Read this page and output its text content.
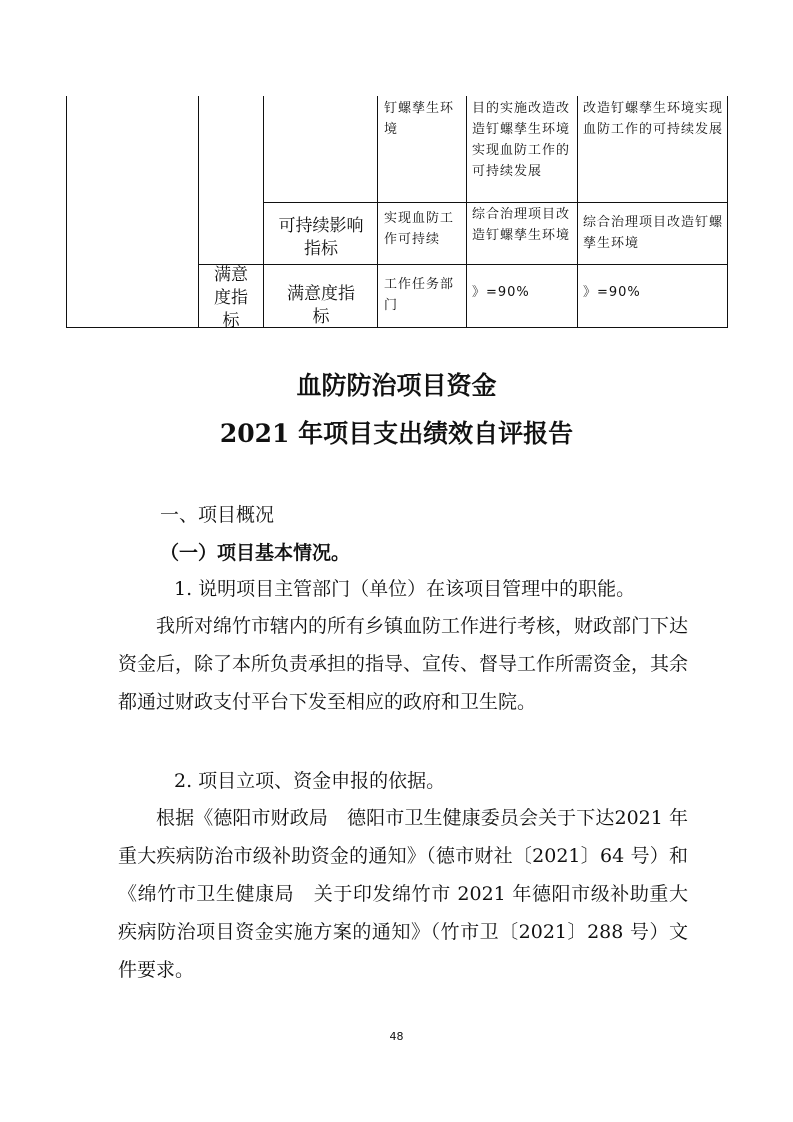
钉螺孳生环境
目的实施改造改造钉螺孳生环境实现血防工作的可持续发展
改造钉螺孳生环境实现血防工作的可持续发展
可持续影响指标
实现血防工作可持续
综合治理项目改造钉螺孳生环境
综合治理项目改造钉螺孳生环境
满意度指标
满意度指标
工作任务部门
》=90%	》=90%
血防防治项目资金
2021 年项目支出绩效自评报告
一、项目概况
（一）项目基本情况。
1. 说明项目主管部门（单位）在该项目管理中的职能。
我所对绵竹市辖内的所有乡镇血防工作进行考核，财政部门下达资金后，除了本所负责承担的指导、宣传、督导工作所需资金，其余都通过财政支付平台下发至相应的政府和卫生院。
2. 项目立项、资金申报的依据。
根据《德阳市财政局　德阳市卫生健康委员会关于下达2021 年重大疾病防治市级补助资金的通知》（德市财社〔2021〕64 号）和《绵竹市卫生健康局　关于印发绵竹市 2021 年德阳市级补助重大疾病防治项目资金实施方案的通知》（竹市卫〔2021〕288 号）文件要求。
48
